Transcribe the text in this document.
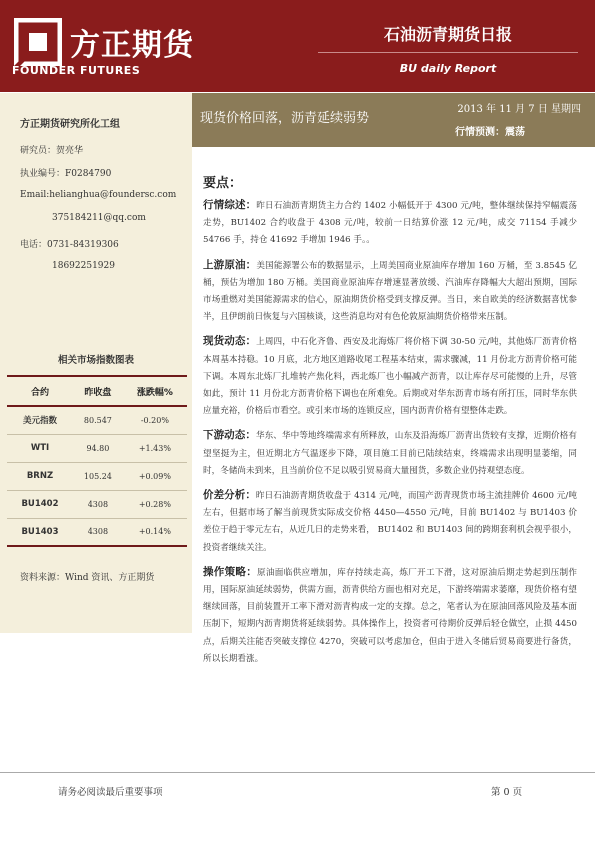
方正期货
FOUNDER FUTURES
石油沥青期货日报
BU daily Report
现货价格回落，沥青延续弱势
2013 年 11 月 7 日 星期四
行情预测：震荡
方正期货研究所化工组
研究员：贺亮华
执业编号：F0284790
Email:helianghua@foundersc.com
375184211@qq.com
电话：0731-84319306
18692251929
相关市场指数图表
合约	昨收盘	涨跌幅%
美元指数	80.547	-0.20%
WTI	94.80	+1.43%
BRNZ	105.24	+0.09%
BU1402	4308	+0.28%
BU1403	4308	+0.14%
资料来源：Wind 资讯、方正期货
要点：

行情综述：昨日石油沥青期货主力合约 1402 小幅低开于 4300 元/吨，整体继续保持窄幅震荡走势，BU1402 合约收盘于 4308 元/吨，较前一日结算价涨 12 元/吨，成交 71154 手减少 54766 手，持仓 41692 手增加 1946 手。。

上游原油：美国能源署公布的数据显示，上周美国商业原油库存增加 160 万桶，至 3.8545 亿桶，预估为增加 180 万桶。美国商业原油库存增速显著放缓、汽油库存降幅大大超出预期，国际市场重燃对美国能源需求的信心，原油期货价格受到支撑反弹。当日，来自欧美的经济数据喜忧参半，且伊朗前日恢复与六国核谈，这些消息均对有色伦敦原油期货价格带来压制。

现货动态：上周四，中石化齐鲁、西安及北海炼厂将价格下调 30-50 元/吨，其他炼厂沥青价格本周基本持稳。10 月底，北方地区道路收尾工程基本结束，需求骤减，11 月份北方沥青价格可能下调。本周东北炼厂扎堆转产焦化料，西北炼厂也小幅减产沥青，以让库存尽可能慢的上升，尽管如此，预计 11 月份北方沥青价格下调也在所难免。后期或对华东沥青市场有所打压，同时华东供应量充裕，价格后市看空。或引来市场的连锁反应，国内沥青价格有望整体走跌。

下游动态：华东、华中等地终端需求有所释放，山东及沿海炼厂沥青出货较有支撑，近期价格有望坚挺为主，但近期北方气温逐步下降，项目施工目前已陆续结束，终端需求出现明显萎缩，同时，冬储尚未到来，且当前价位不足以吸引贸易商大量囤货，多数企业仍持观望态度。

价差分析：昨日石油沥青期货收盘于 4314 元/吨，而国产沥青现货市场主流挂牌价 4600 元/吨左右，但据市场了解当前现货实际成交价格 4450—4550 元/吨，目前 BU1402 与 BU1403 价差位于趋于零元左右，从近几日的走势来看， BU1402 和 BU1403 间的跨期套利机会视乎很小，投资者继续关注。

操作策略：原油面临供应增加，库存持续走高，炼厂开工下滑，这对原油后期走势起到压制作用，国际原油延续弱势，供需方面，沥青供给方面也相对充足，下游终端需求萎靡，现货价格有望继续回落，目前装置开工率下滑对沥青构成一定的支撑。总之，笔者认为在原油回落风险及基本面压制下，短期内沥青期货将延续弱势。具体操作上，投资者可待期价反弹后轻仓做空，止损 4450 点，后期关注能否突破支撑位 4270，突破可以考虑加仓，但由于进入冬储后贸易商要进行备货，所以长期看涨。

请务必阅读最后重要事项	第 0 页
